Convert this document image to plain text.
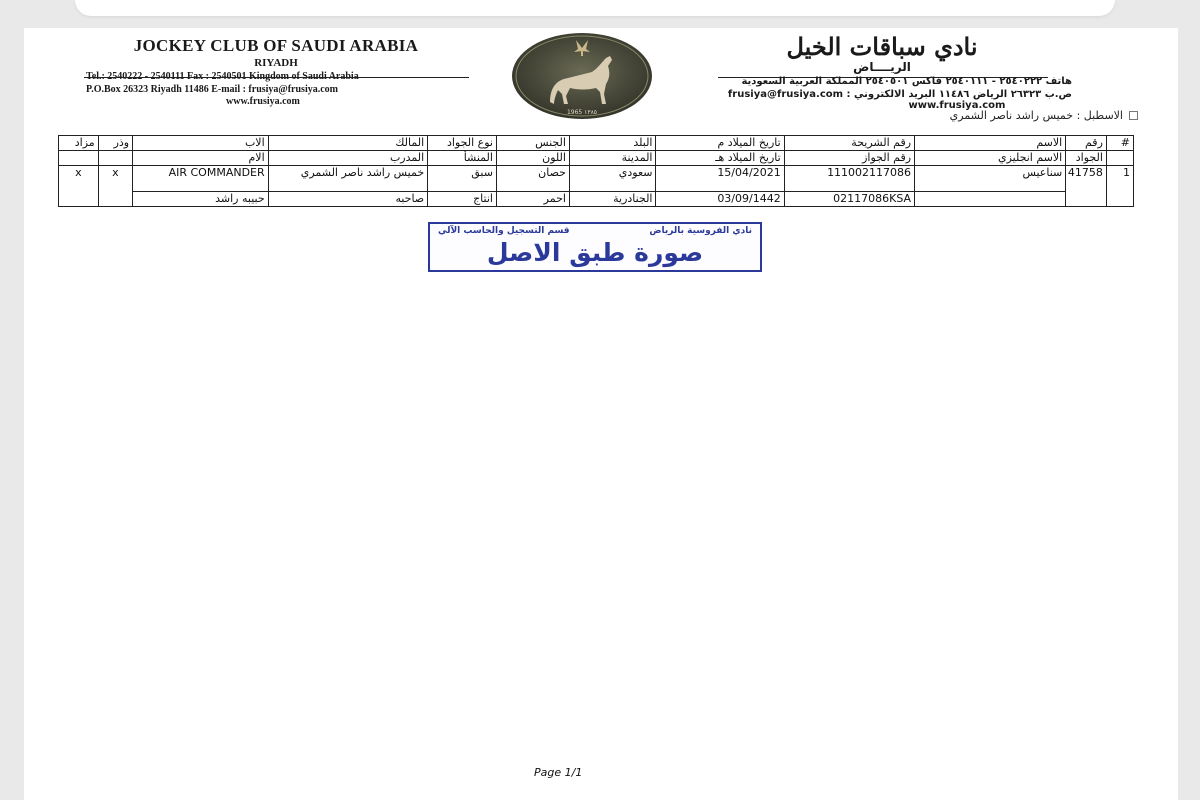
JOCKEY CLUB OF SAUDI ARABIA
RIYADH
Tel.: 2540222 - 2540111 Fax : 2540501 Kingdom of Saudi Arabia
P.O.Box 26323 Riyadh 11486 E-mail : frusiya@frusiya.com
www.frusiya.com
1965 ١٣٨٥
نادي سباقات الخيل
الريــــاض
هاتف ٢٥٤٠٢٢٢ - ٢٥٤٠١١١ فاكس ٢٥٤٠٥٠١ المملكة العربية السعودية
ص.ب ٢٦٣٢٣ الرياض ١١٤٨٦ البريد الالكتروني : frusiya@frusiya.com
www.frusiya.com
الاسطبل : خميس راشد ناصر الشمري
#	رقم	الاسم	رقم الشريحة	تاريخ الميلاد م	البلد	الجنس	نوع الجواد	المالك	الاب	وذر	مزاد
	الجواد	الاسم انجليزي	رقم الجواز	تاريخ الميلاد هـ	المدينة	اللون	المنشأ	المدرب	الام		
1	41758	سناعيس	111002117086	15/04/2021	سعودي	حصان	سبق	خميس راشد ناصر الشمري	AIR COMMANDER	x	x
			02117086KSA	03/09/1442	الجنادرية	احمر	انتاج	صاحبه	حبيبه راشد		
قسم التسجيل والحاسب الآلي	نادي الفروسية بالرياض
صورة طبق الاصل
Page 1/1
